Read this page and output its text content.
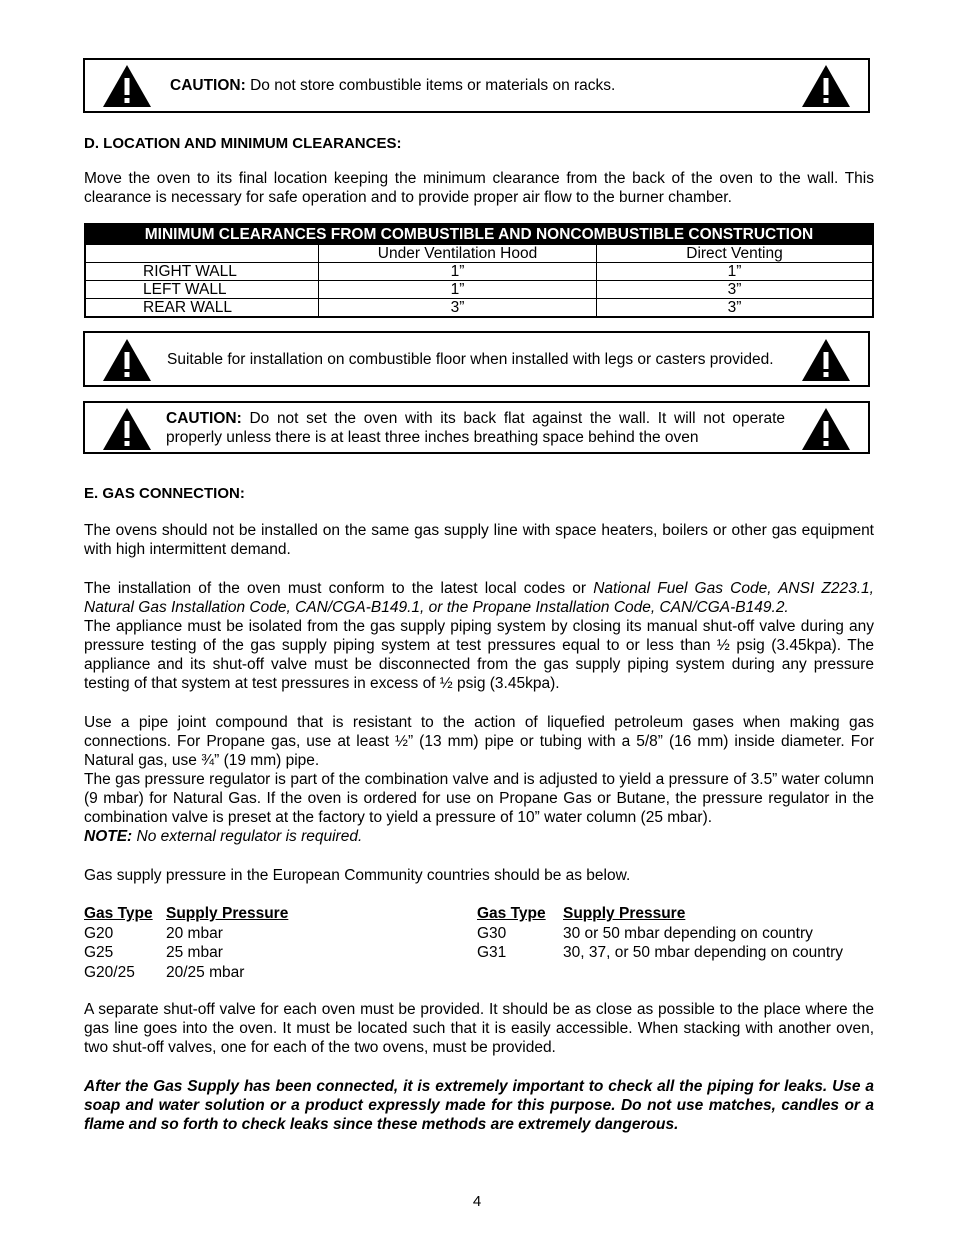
CAUTION: Do not store combustible items or materials on racks.
D. LOCATION AND MINIMUM CLEARANCES:

Move the oven to its final location keeping the minimum clearance from the back of the oven to the wall. This clearance is necessary for safe operation and to provide proper air flow to the burner chamber.

MINIMUM CLEARANCES FROM COMBUSTIBLE AND NONCOMBUSTIBLE CONSTRUCTION		
	Under Ventilation Hood	Direct Venting
RIGHT WALL	1”	1”
LEFT WALL	1”	3”
REAR WALL	3”	3”
Suitable for installation on combustible floor when installed with legs or casters provided.
CAUTION: Do not set the oven with its back flat against the wall. It will not operate properly unless there is at least three inches breathing space behind the oven
E. GAS CONNECTION:

The ovens should not be installed on the same gas supply line with space heaters, boilers or other gas equipment with high intermittent demand.

The installation of the oven must conform to the latest local codes or National Fuel Gas Code, ANSI Z223.1, Natural Gas Installation Code, CAN/CGA-B149.1, or the Propane Installation Code, CAN/CGA-B149.2.

The appliance must be isolated from the gas supply piping system by closing its manual shut-off valve during any pressure testing of the gas supply piping system at test pressures equal to or less than ½ psig (3.45kpa). The appliance and its shut-off valve must be disconnected from the gas supply piping system during any pressure testing of that system at test pressures in excess of ½ psig (3.45kpa).

Use a pipe joint compound that is resistant to the action of liquefied petroleum gases when making gas connections. For Propane gas, use at least ½” (13 mm) pipe or tubing with a 5/8” (16 mm) inside diameter. For Natural gas, use ¾” (19 mm) pipe.

The gas pressure regulator is part of the combination valve and is adjusted to yield a pressure of 3.5” water column (9 mbar) for Natural Gas. If the oven is ordered for use on Propane Gas or Butane, the pressure regulator in the combination valve is preset at the factory to yield a pressure of 10” water column (25 mbar).

NOTE: No external regulator is required.

Gas supply pressure in the European Community countries should be as below.

Gas Type Supply Pressure
G20	20 mbar
G25	25 mbar
G20/25 20/25 mbar
Gas Type Supply Pressure
G30	30 or 50 mbar depending on country
G31	30, 37, or 50 mbar depending on country

A separate shut-off valve for each oven must be provided. It should be as close as possible to the place where the gas line goes into the oven. It must be located such that it is easily accessible. When stacking with another oven, two shut-off valves, one for each of the two ovens, must be provided.

After the Gas Supply has been connected, it is extremely important to check all the piping for leaks. Use a soap and water solution or a product expressly made for this purpose. Do not use matches, candles or a flame and so forth to check leaks since these methods are extremely dangerous.

4
